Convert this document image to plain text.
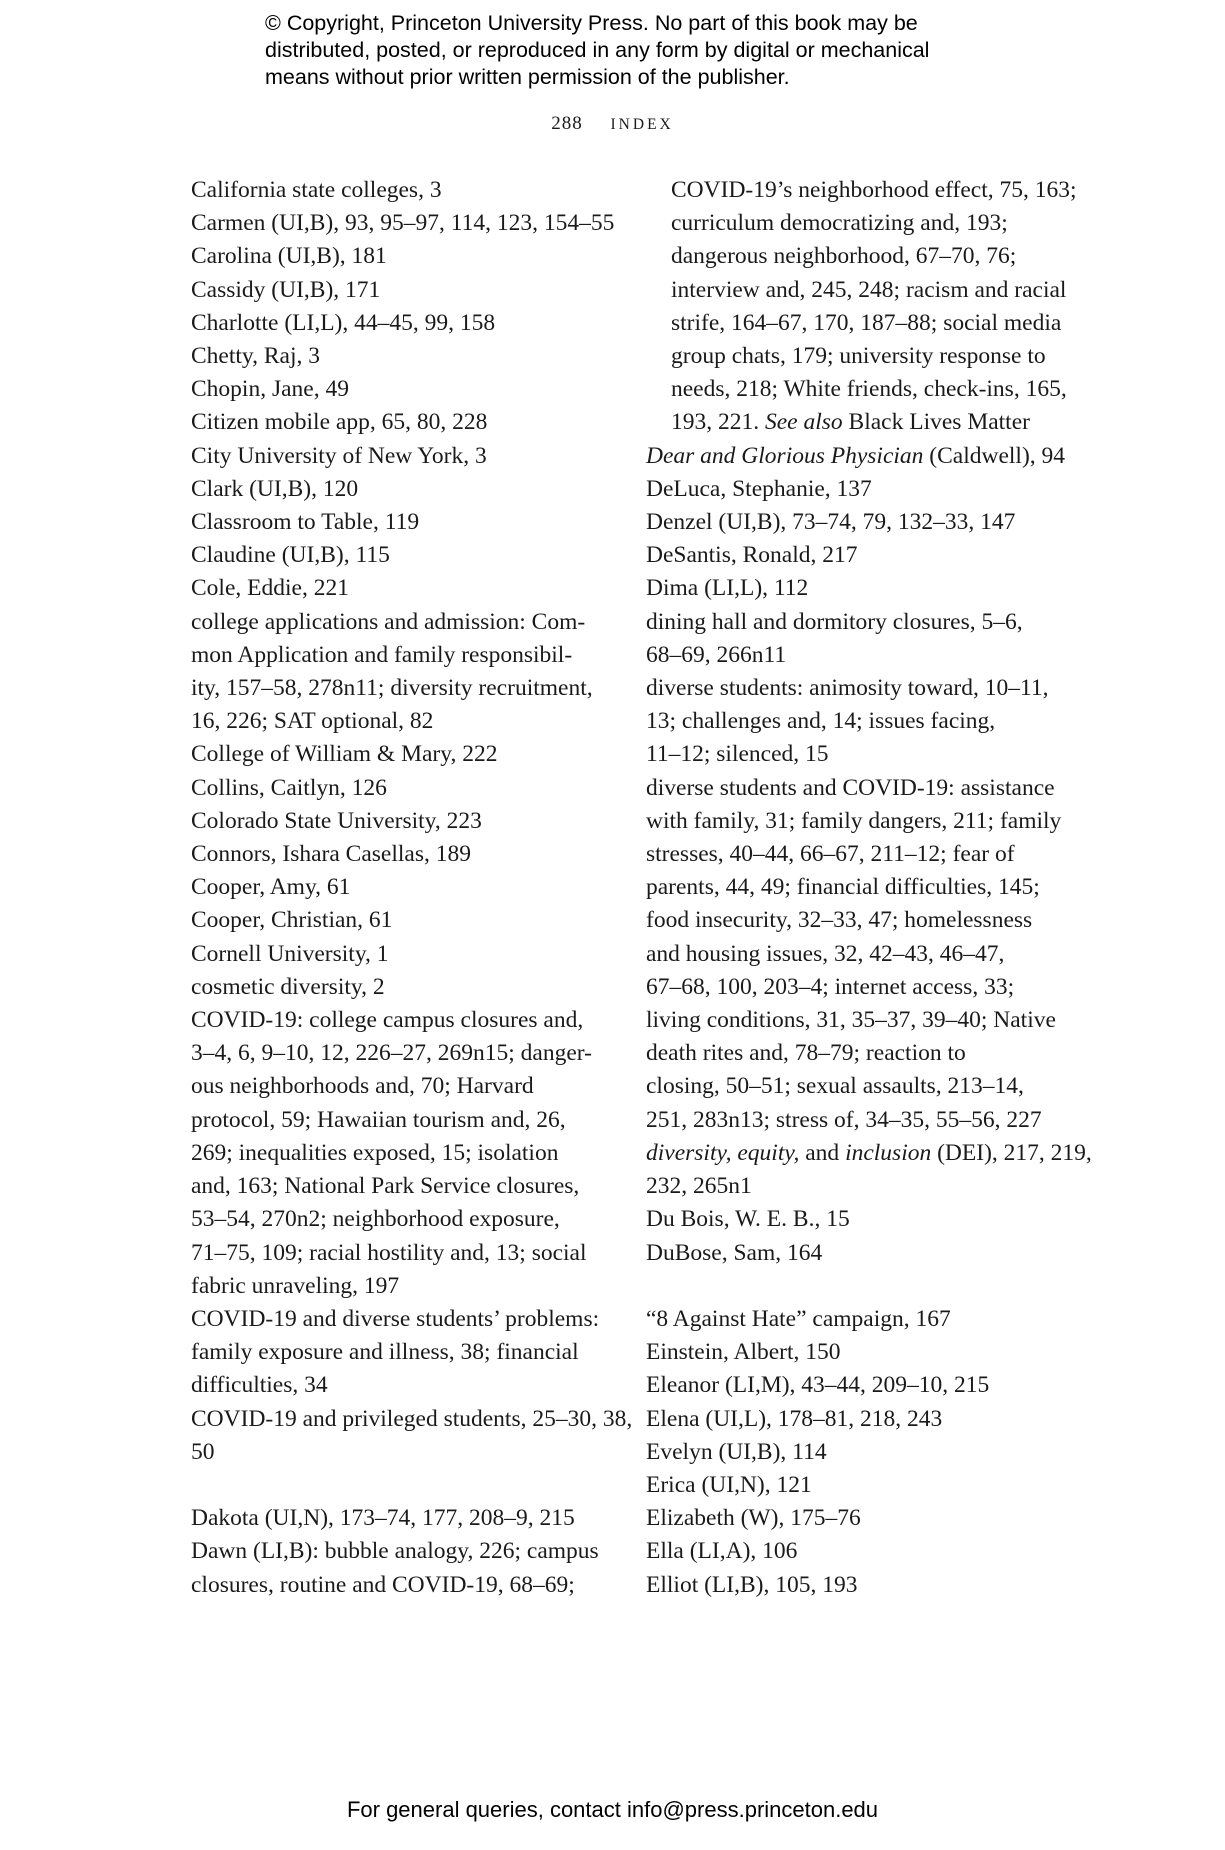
© Copyright, Princeton University Press. No part of this book may be
distributed, posted, or reproduced in any form by digital or mechanical
means without prior written permission of the publisher.
288 INDEX
California state colleges, 3
Carmen (UI,B), 93, 95–97, 114, 123, 154–55
Carolina (UI,B), 181
Cassidy (UI,B), 171
Charlotte (LI,L), 44–45, 99, 158
Chetty, Raj, 3
Chopin, Jane, 49
Citizen mobile app, 65, 80, 228
City University of New York, 3
Clark (UI,B), 120
Classroom to Table, 119
Claudine (UI,B), 115
Cole, Eddie, 221
college applications and admission: Com-
mon Application and family responsibil-
ity, 157–58, 278n11; diversity recruitment,
16, 226; SAT optional, 82
College of William & Mary, 222
Collins, Caitlyn, 126
Colorado State University, 223
Connors, Ishara Casellas, 189
Cooper, Amy, 61
Cooper, Christian, 61
Cornell University, 1
cosmetic diversity, 2
COVID-19: college campus closures and,
3–4, 6, 9–10, 12, 226–27, 269n15; danger-
ous neighborhoods and, 70; Harvard
protocol, 59; Hawaiian tourism and, 26,
269; inequalities exposed, 15; isolation
and, 163; National Park Service closures,
53–54, 270n2; neighborhood exposure,
71–75, 109; racial hostility and, 13; social
fabric unraveling, 197
COVID-19 and diverse students’ problems:
family exposure and illness, 38; financial
difficulties, 34
COVID-19 and privileged students, 25–30, 38,
50
Dakota (UI,N), 173–74, 177, 208–9, 215
Dawn (LI,B): bubble analogy, 226; campus
closures, routine and COVID-19, 68–69;
COVID-19’s neighborhood effect, 75, 163;
curriculum democratizing and, 193;
dangerous neighborhood, 67–70, 76;
interview and, 245, 248; racism and racial
strife, 164–67, 170, 187–88; social media
group chats, 179; university response to
needs, 218; White friends, check-ins, 165,
193, 221. See also Black Lives Matter
Dear and Glorious Physician (Caldwell), 94
DeLuca, Stephanie, 137
Denzel (UI,B), 73–74, 79, 132–33, 147
DeSantis, Ronald, 217
Dima (LI,L), 112
dining hall and dormitory closures, 5–6,
68–69, 266n11
diverse students: animosity toward, 10–11,
13; challenges and, 14; issues facing,
11–12; silenced, 15
diverse students and COVID-19: assistance
with family, 31; family dangers, 211; family
stresses, 40–44, 66–67, 211–12; fear of
parents, 44, 49; financial difficulties, 145;
food insecurity, 32–33, 47; homelessness
and housing issues, 32, 42–43, 46–47,
67–68, 100, 203–4; internet access, 33;
living conditions, 31, 35–37, 39–40; Native
death rites and, 78–79; reaction to
closing, 50–51; sexual assaults, 213–14,
251, 283n13; stress of, 34–35, 55–56, 227
diversity, equity, and inclusion (DEI), 217, 219,
232, 265n1
Du Bois, W. E. B., 15
DuBose, Sam, 164
“8 Against Hate” campaign, 167
Einstein, Albert, 150
Eleanor (LI,M), 43–44, 209–10, 215
Elena (UI,L), 178–81, 218, 243
Evelyn (UI,B), 114
Erica (UI,N), 121
Elizabeth (W), 175–76
Ella (LI,A), 106
Elliot (LI,B), 105, 193
For general queries, contact info@press.princeton.edu
